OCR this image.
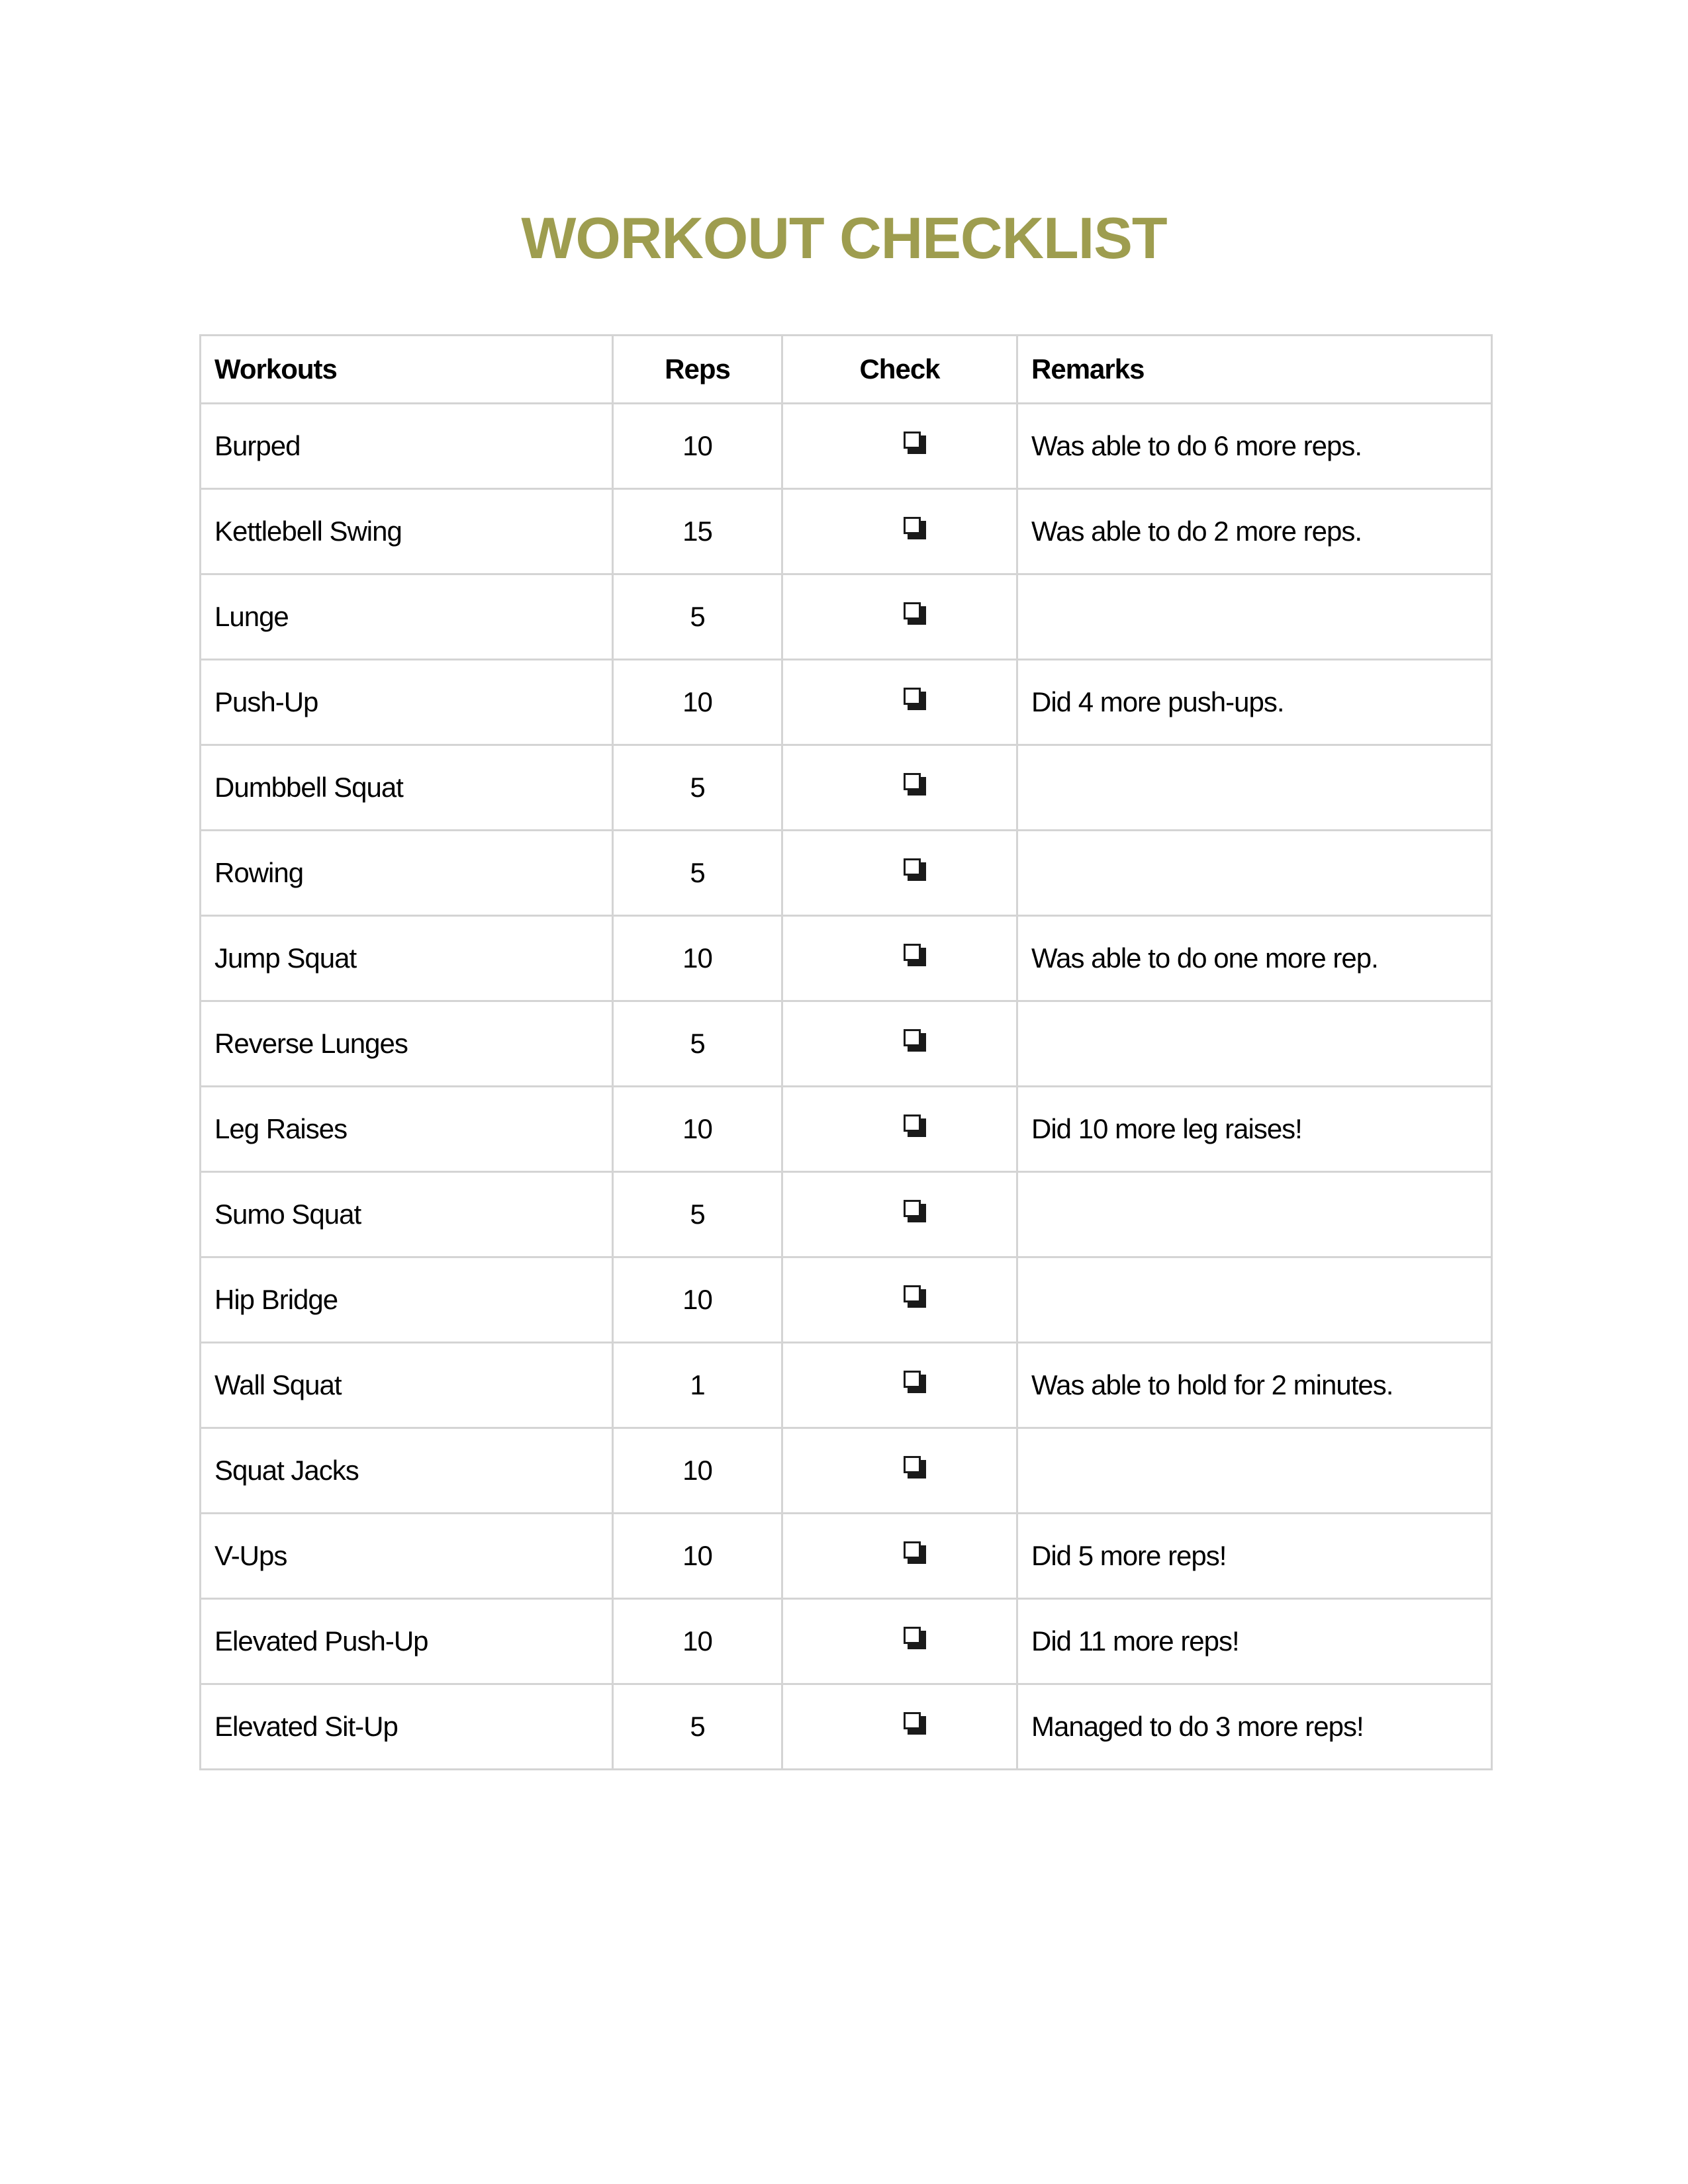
WORKOUT CHECKLIST
Workouts	Reps	Check	Remarks
Burped	10		Was able to do 6 more reps.
Kettlebell Swing	15		Was able to do 2 more reps.
Lunge	5	

Push-Up	10		Did 4 more push-ups.
Dumbbell Squat	5	

Rowing	5	

Jump Squat	10		Was able to do one more rep.
Reverse Lunges	5	

Leg Raises	10		Did 10 more leg raises!
Sumo Squat	5	

Hip Bridge	10	

Wall Squat	1		Was able to hold for 2 minutes.
Squat Jacks	10	

V-Ups	10		Did 5 more reps!
Elevated Push-Up	10		Did 11 more reps!
Elevated Sit-Up	5		Managed to do 3 more reps!
